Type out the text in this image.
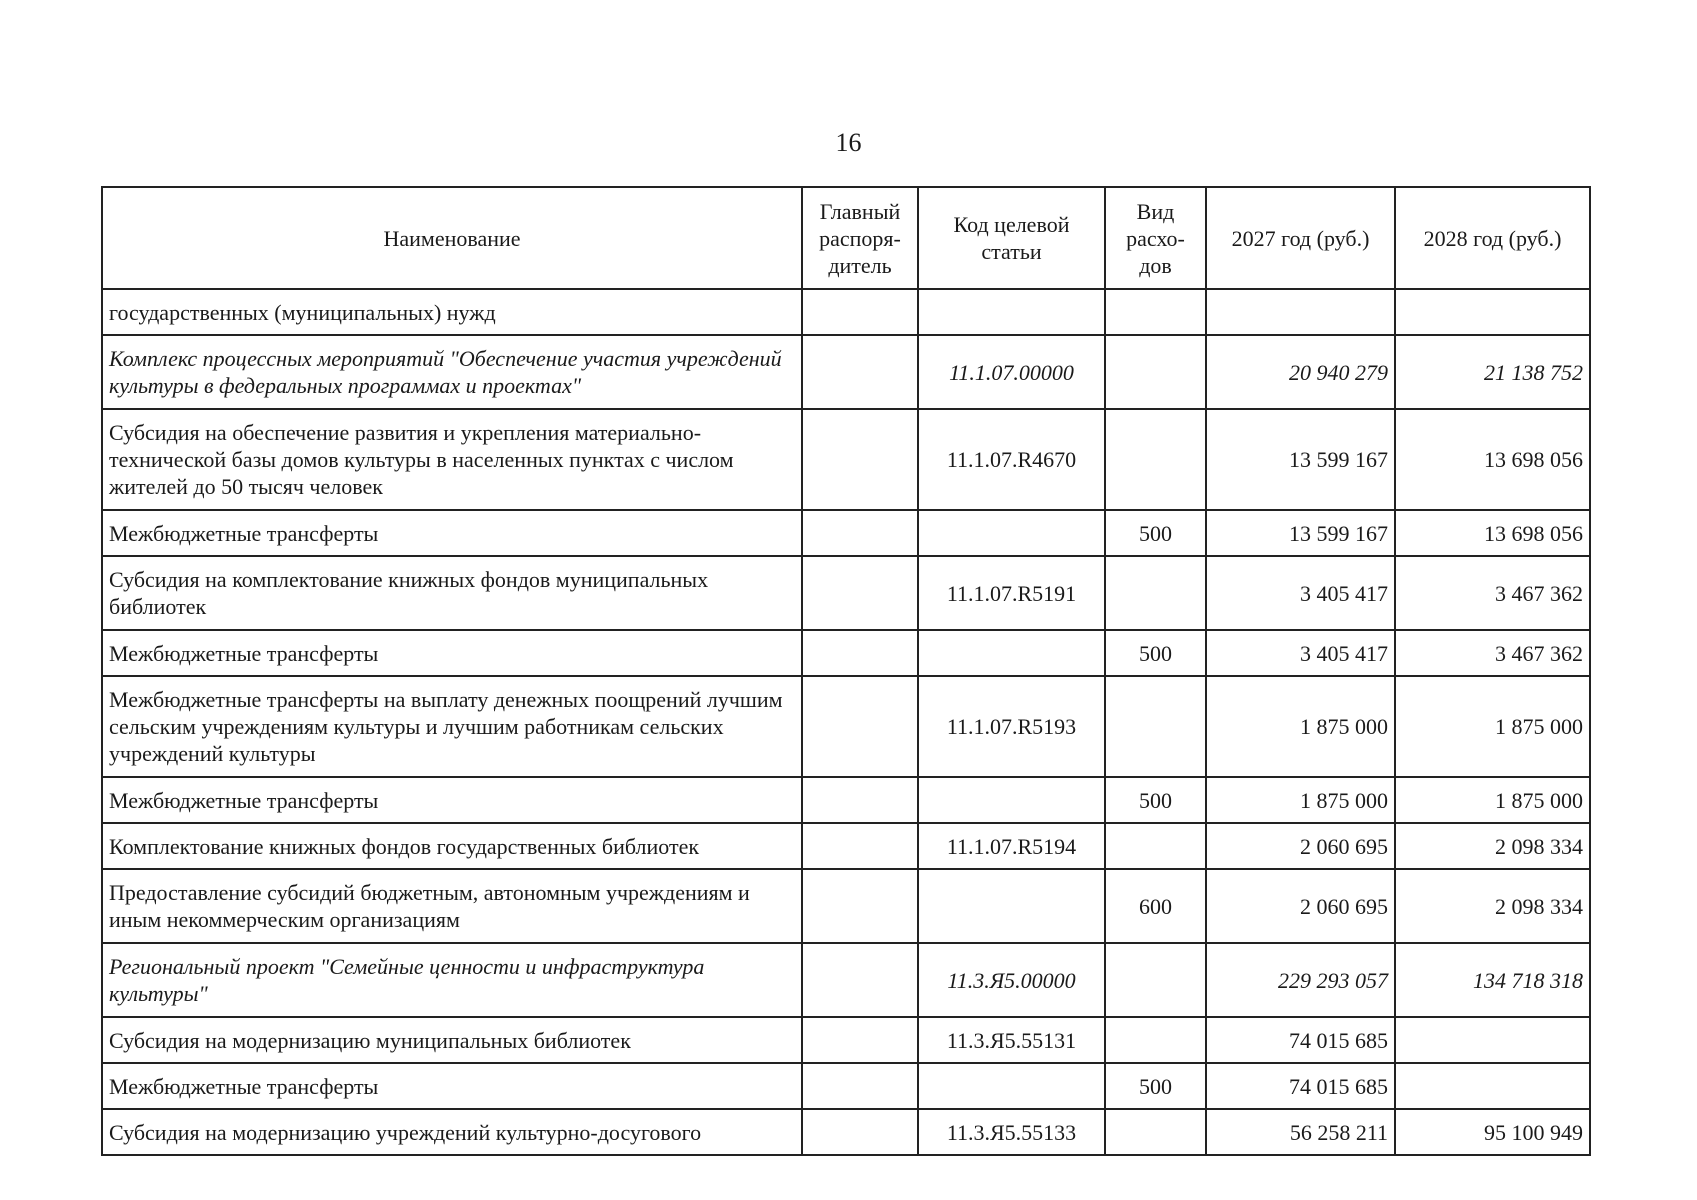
16
Наименование	Главный распоря-дитель	Код целевой статьи	Вид расхо-дов	2027 год (руб.)	2028 год (руб.)
государственных (муниципальных) нужд					
Комплекс процессных мероприятий "Обеспечение участия учреждений культуры в федеральных программах и проектах"		11.1.07.00000		20 940 279	21 138 752
Субсидия на обеспечение развития и укрепления материально-технической базы домов культуры в населенных пунктах с числом жителей до 50 тысяч человек		11.1.07.R4670		13 599 167	13 698 056
Межбюджетные трансферты			500	13 599 167	13 698 056
Субсидия на комплектование книжных фондов муниципальных библиотек		11.1.07.R5191		3 405 417	3 467 362
Межбюджетные трансферты			500	3 405 417	3 467 362
Межбюджетные трансферты на выплату денежных поощрений лучшим сельским учреждениям культуры и лучшим работникам сельских учреждений культуры		11.1.07.R5193		1 875 000	1 875 000
Межбюджетные трансферты			500	1 875 000	1 875 000
Комплектование книжных фондов государственных библиотек		11.1.07.R5194		2 060 695	2 098 334
Предоставление субсидий бюджетным, автономным учреждениям и иным некоммерческим организациям			600	2 060 695	2 098 334
Региональный проект "Семейные ценности и инфраструктура культуры"		11.3.Я5.00000		229 293 057	134 718 318
Субсидия на модернизацию муниципальных библиотек		11.3.Я5.55131		74 015 685	
Межбюджетные трансферты			500	74 015 685	
Субсидия на модернизацию учреждений культурно-досугового		11.3.Я5.55133		56 258 211	95 100 949
